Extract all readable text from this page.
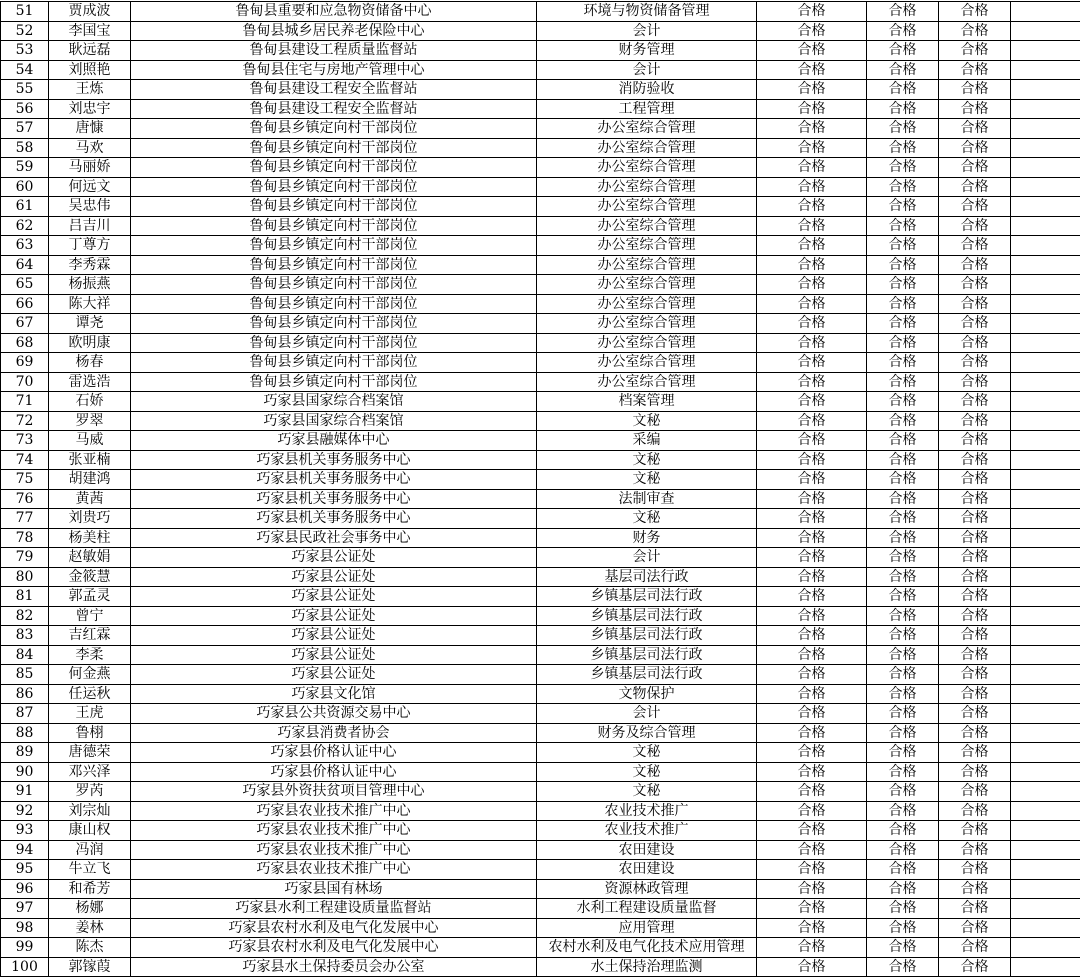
51	贾成波	鲁甸县重要和应急物资储备中心	环境与物资储备管理	合格	合格	合格	
52	李国宝	鲁甸县城乡居民养老保险中心	会计	合格	合格	合格	
53	耿远磊	鲁甸县建设工程质量监督站	财务管理	合格	合格	合格	
54	刘照艳	鲁甸县住宅与房地产管理中心	会计	合格	合格	合格	
55	王炼	鲁甸县建设工程安全监督站	消防验收	合格	合格	合格	
56	刘忠宇	鲁甸县建设工程安全监督站	工程管理	合格	合格	合格	
57	唐慷	鲁甸县乡镇定向村干部岗位	办公室综合管理	合格	合格	合格	
58	马欢	鲁甸县乡镇定向村干部岗位	办公室综合管理	合格	合格	合格	
59	马丽娇	鲁甸县乡镇定向村干部岗位	办公室综合管理	合格	合格	合格	
60	何远文	鲁甸县乡镇定向村干部岗位	办公室综合管理	合格	合格	合格	
61	吴忠伟	鲁甸县乡镇定向村干部岗位	办公室综合管理	合格	合格	合格	
62	吕吉川	鲁甸县乡镇定向村干部岗位	办公室综合管理	合格	合格	合格	
63	丁尊方	鲁甸县乡镇定向村干部岗位	办公室综合管理	合格	合格	合格	
64	李秀霖	鲁甸县乡镇定向村干部岗位	办公室综合管理	合格	合格	合格	
65	杨振燕	鲁甸县乡镇定向村干部岗位	办公室综合管理	合格	合格	合格	
66	陈大祥	鲁甸县乡镇定向村干部岗位	办公室综合管理	合格	合格	合格	
67	谭尧	鲁甸县乡镇定向村干部岗位	办公室综合管理	合格	合格	合格	
68	欧明康	鲁甸县乡镇定向村干部岗位	办公室综合管理	合格	合格	合格	
69	杨春	鲁甸县乡镇定向村干部岗位	办公室综合管理	合格	合格	合格	
70	雷选浩	鲁甸县乡镇定向村干部岗位	办公室综合管理	合格	合格	合格	
71	石娇	巧家县国家综合档案馆	档案管理	合格	合格	合格	
72	罗翠	巧家县国家综合档案馆	文秘	合格	合格	合格	
73	马威	巧家县融媒体中心	采编	合格	合格	合格	
74	张亚楠	巧家县机关事务服务中心	文秘	合格	合格	合格	
75	胡建鸿	巧家县机关事务服务中心	文秘	合格	合格	合格	
76	黄茜	巧家县机关事务服务中心	法制审查	合格	合格	合格	
77	刘贵巧	巧家县机关事务服务中心	文秘	合格	合格	合格	
78	杨美柱	巧家县民政社会事务中心	财务	合格	合格	合格	
79	赵敏娟	巧家县公证处	会计	合格	合格	合格	
80	金筱慧	巧家县公证处	基层司法行政	合格	合格	合格	
81	郭孟灵	巧家县公证处	乡镇基层司法行政	合格	合格	合格	
82	曾宁	巧家县公证处	乡镇基层司法行政	合格	合格	合格	
83	吉红霖	巧家县公证处	乡镇基层司法行政	合格	合格	合格	
84	李柔	巧家县公证处	乡镇基层司法行政	合格	合格	合格	
85	何金燕	巧家县公证处	乡镇基层司法行政	合格	合格	合格	
86	任运秋	巧家县文化馆	文物保护	合格	合格	合格	
87	王虎	巧家县公共资源交易中心	会计	合格	合格	合格	
88	鲁栩	巧家县消费者协会	财务及综合管理	合格	合格	合格	
89	唐德荣	巧家县价格认证中心	文秘	合格	合格	合格	
90	邓兴泽	巧家县价格认证中心	文秘	合格	合格	合格	
91	罗芮	巧家县外资扶贫项目管理中心	文秘	合格	合格	合格	
92	刘宗灿	巧家县农业技术推广中心	农业技术推广	合格	合格	合格	
93	康山权	巧家县农业技术推广中心	农业技术推广	合格	合格	合格	
94	冯润	巧家县农业技术推广中心	农田建设	合格	合格	合格	
95	牛立飞	巧家县农业技术推广中心	农田建设	合格	合格	合格	
96	和希芳	巧家县国有林场	资源林政管理	合格	合格	合格	
97	杨娜	巧家县水利工程建设质量监督站	水利工程建设质量监督	合格	合格	合格	
98	姜林	巧家县农村水利及电气化发展中心	应用管理	合格	合格	合格	
99	陈杰	巧家县农村水利及电气化发展中心	农村水利及电气化技术应用管理	合格	合格	合格	
100	郭镓葭	巧家县水土保持委员会办公室	水土保持治理监测	合格	合格	合格	
